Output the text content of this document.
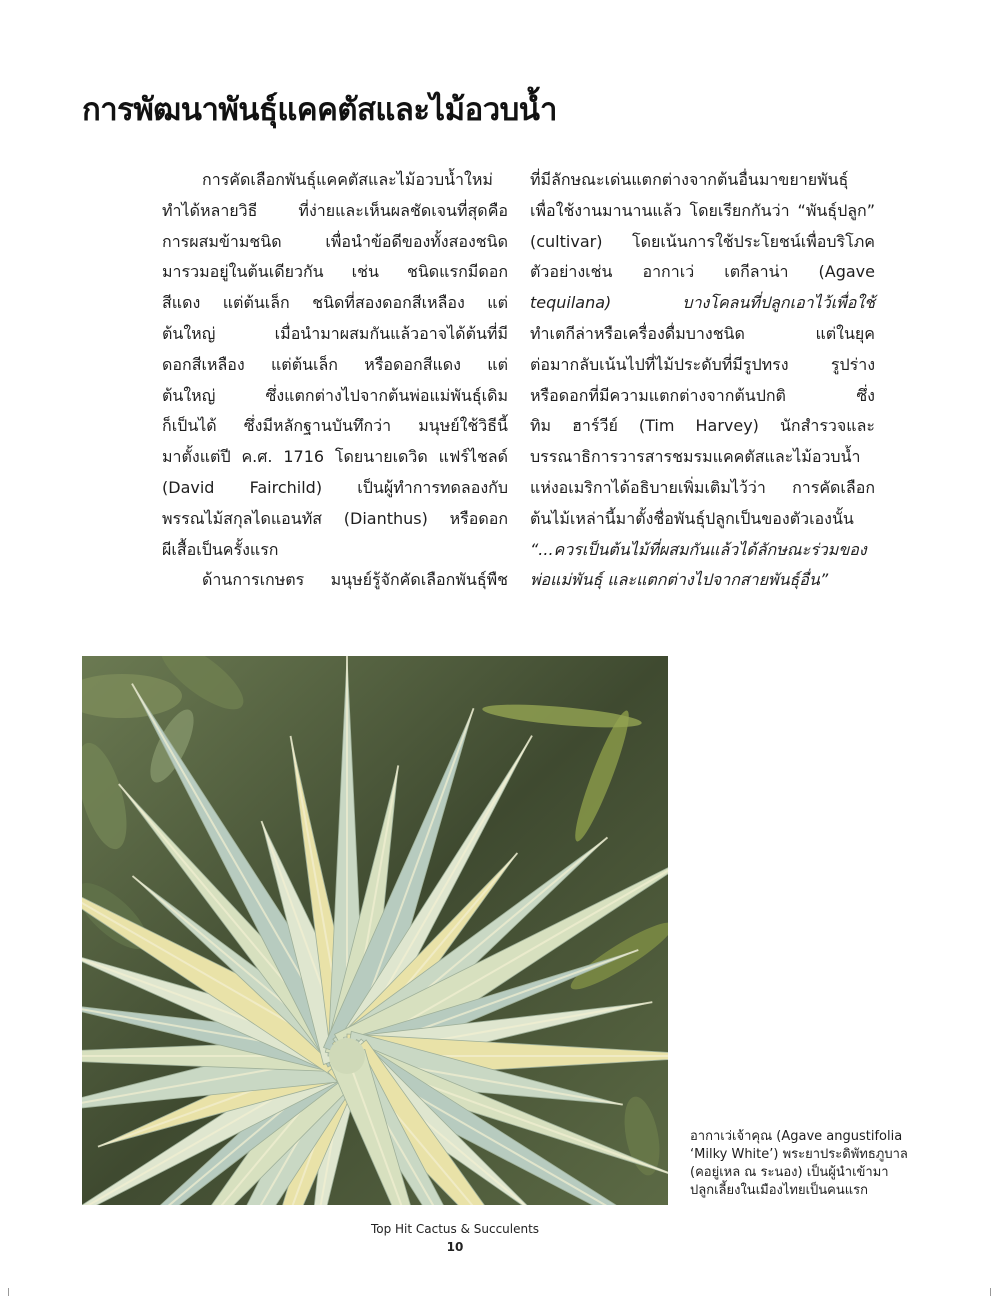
การพัฒนาพันธุ์แคคตัสและไม้อวบน้ำ
การคัดเลือกพันธุ์แคคตัสและไม้อวบน้ำใหม่
ทำได้หลายวิธี ที่ง่ายและเห็นผลชัดเจนที่สุดคือ
การผสมข้ามชนิด เพื่อนำข้อดีของทั้งสองชนิด
มารวมอยู่ในต้นเดียวกัน เช่น ชนิดแรกมีดอก
สีแดง แต่ต้นเล็ก ชนิดที่สองดอกสีเหลือง แต่
ต้นใหญ่ เมื่อนำมาผสมกันแล้วอาจได้ต้นที่มี
ดอกสีเหลือง แต่ต้นเล็ก หรือดอกสีแดง แต่
ต้นใหญ่ ซึ่งแตกต่างไปจากต้นพ่อแม่พันธุ์เดิม
ก็เป็นได้ ซึ่งมีหลักฐานบันทึกว่า มนุษย์ใช้วิธีนี้
มาตั้งแต่ปี ค.ศ. 1716 โดยนายเดวิด แฟร์ไชลด์
(David Fairchild) เป็นผู้ทำการทดลองกับ
พรรณไม้สกุลไดแอนทัส (Dianthus) หรือดอก
ผีเสื้อเป็นครั้งแรก
ด้านการเกษตร มนุษย์รู้จักคัดเลือกพันธุ์พืช
ที่มีลักษณะเด่นแตกต่างจากต้นอื่นมาขยายพันธุ์
เพื่อใช้งานมานานแล้ว โดยเรียกกันว่า “พันธุ์ปลูก”
(cultivar) โดยเน้นการใช้ประโยชน์เพื่อบริโภค
ตัวอย่างเช่น อากาเว่ เตกีลาน่า (Agave
tequilana) บางโคลนที่ปลูกเอาไว้เพื่อใช้
ทำเตกีล่าหรือเครื่องดื่มบางชนิด แต่ในยุค
ต่อมากลับเน้นไปที่ไม้ประดับที่มีรูปทรง รูปร่าง
หรือดอกที่มีความแตกต่างจากต้นปกติ ซึ่ง
ทิม ฮาร์วีย์ (Tim Harvey) นักสำรวจและ
บรรณาธิการวารสารชมรมแคคตัสและไม้อวบน้ำ
แห่งอเมริกาได้อธิบายเพิ่มเติมไว้ว่า การคัดเลือก
ต้นไม้เหล่านี้มาตั้งชื่อพันธุ์ปลูกเป็นของตัวเองนั้น
“...ควรเป็นต้นไม้ที่ผสมกันแล้วได้ลักษณะร่วมของ
พ่อแม่พันธุ์ และแตกต่างไปจากสายพันธุ์อื่น”
อากาเว่เจ้าคุณ (Agave angustifolia
‘Milky White’) พระยาประดิพัทธภูบาล
(คอยู่เหล ณ ระนอง) เป็นผู้นำเข้ามา
ปลูกเลี้ยงในเมืองไทยเป็นคนแรก
Top Hit Cactus & Succulents
10
